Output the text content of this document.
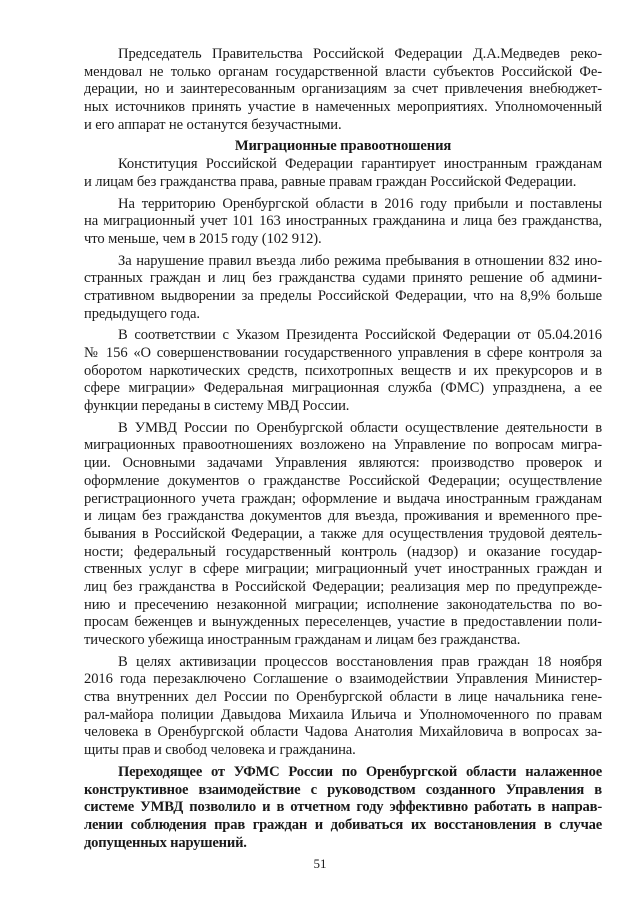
Председатель Правительства Российской Федерации Д.А.Медведев реко-
мендовал не только органам государственной власти субъектов Российской Фе-
дерации, но и заинтересованным организациям за счет привлечения внебюджет-
ных источников принять участие в намеченных мероприятиях. Уполномоченный
и его аппарат не останутся безучастными.
Миграционные правоотношения
Конституция Российской Федерации гарантирует иностранным гражданам
и лицам без гражданства права, равные правам граждан Российской Федерации.
На территорию Оренбургской области в 2016 году прибыли и поставлены
на миграционный учет 101 163 иностранных гражданина и лица без гражданства,
что меньше, чем в 2015 году (102 912).
За нарушение правил въезда либо режима пребывания в отношении 832 ино-
странных граждан и лиц без гражданства судами принято решение об админи-
стративном выдворении за пределы Российской Федерации, что на 8,9% больше
предыдущего года.
В соответствии с Указом Президента Российской Федерации от 05.04.2016
№ 156 «О совершенствовании государственного управления в сфере контроля за
оборотом наркотических средств, психотропных веществ и их прекурсоров и в
сфере миграции» Федеральная миграционная служба (ФМС) упразднена, а ее
функции переданы в систему МВД России.
В УМВД России по Оренбургской области осуществление деятельности в
миграционных правоотношениях возложено на Управление по вопросам мигра-
ции. Основными задачами Управления являются: производство проверок и
оформление документов о гражданстве Российской Федерации; осуществление
регистрационного учета граждан; оформление и выдача иностранным гражданам
и лицам без гражданства документов для въезда, проживания и временного пре-
бывания в Российской Федерации, а также для осуществления трудовой деятель-
ности; федеральный государственный контроль (надзор) и оказание государ-
ственных услуг в сфере миграции; миграционный учет иностранных граждан и
лиц без гражданства в Российской Федерации; реализация мер по предупрежде-
нию и пресечению незаконной миграции; исполнение законодательства по во-
просам беженцев и вынужденных переселенцев, участие в предоставлении поли-
тического убежища иностранным гражданам и лицам без гражданства.
В целях активизации процессов восстановления прав граждан 18 ноября
2016 года перезаключено Соглашение о взаимодействии Управления Министер-
ства внутренних дел России по Оренбургской области в лице начальника гене-
рал-майора полиции Давыдова Михаила Ильича и Уполномоченного по правам
человека в Оренбургской области Чадова Анатолия Михайловича в вопросах за-
щиты прав и свобод человека и гражданина.
Переходящее от УФМС России по Оренбургской области налаженное
конструктивное взаимодействие с руководством созданного Управления в
системе УМВД позволило и в отчетном году эффективно работать в направ-
лении соблюдения прав граждан и добиваться их восстановления в случае
допущенных нарушений.
51
